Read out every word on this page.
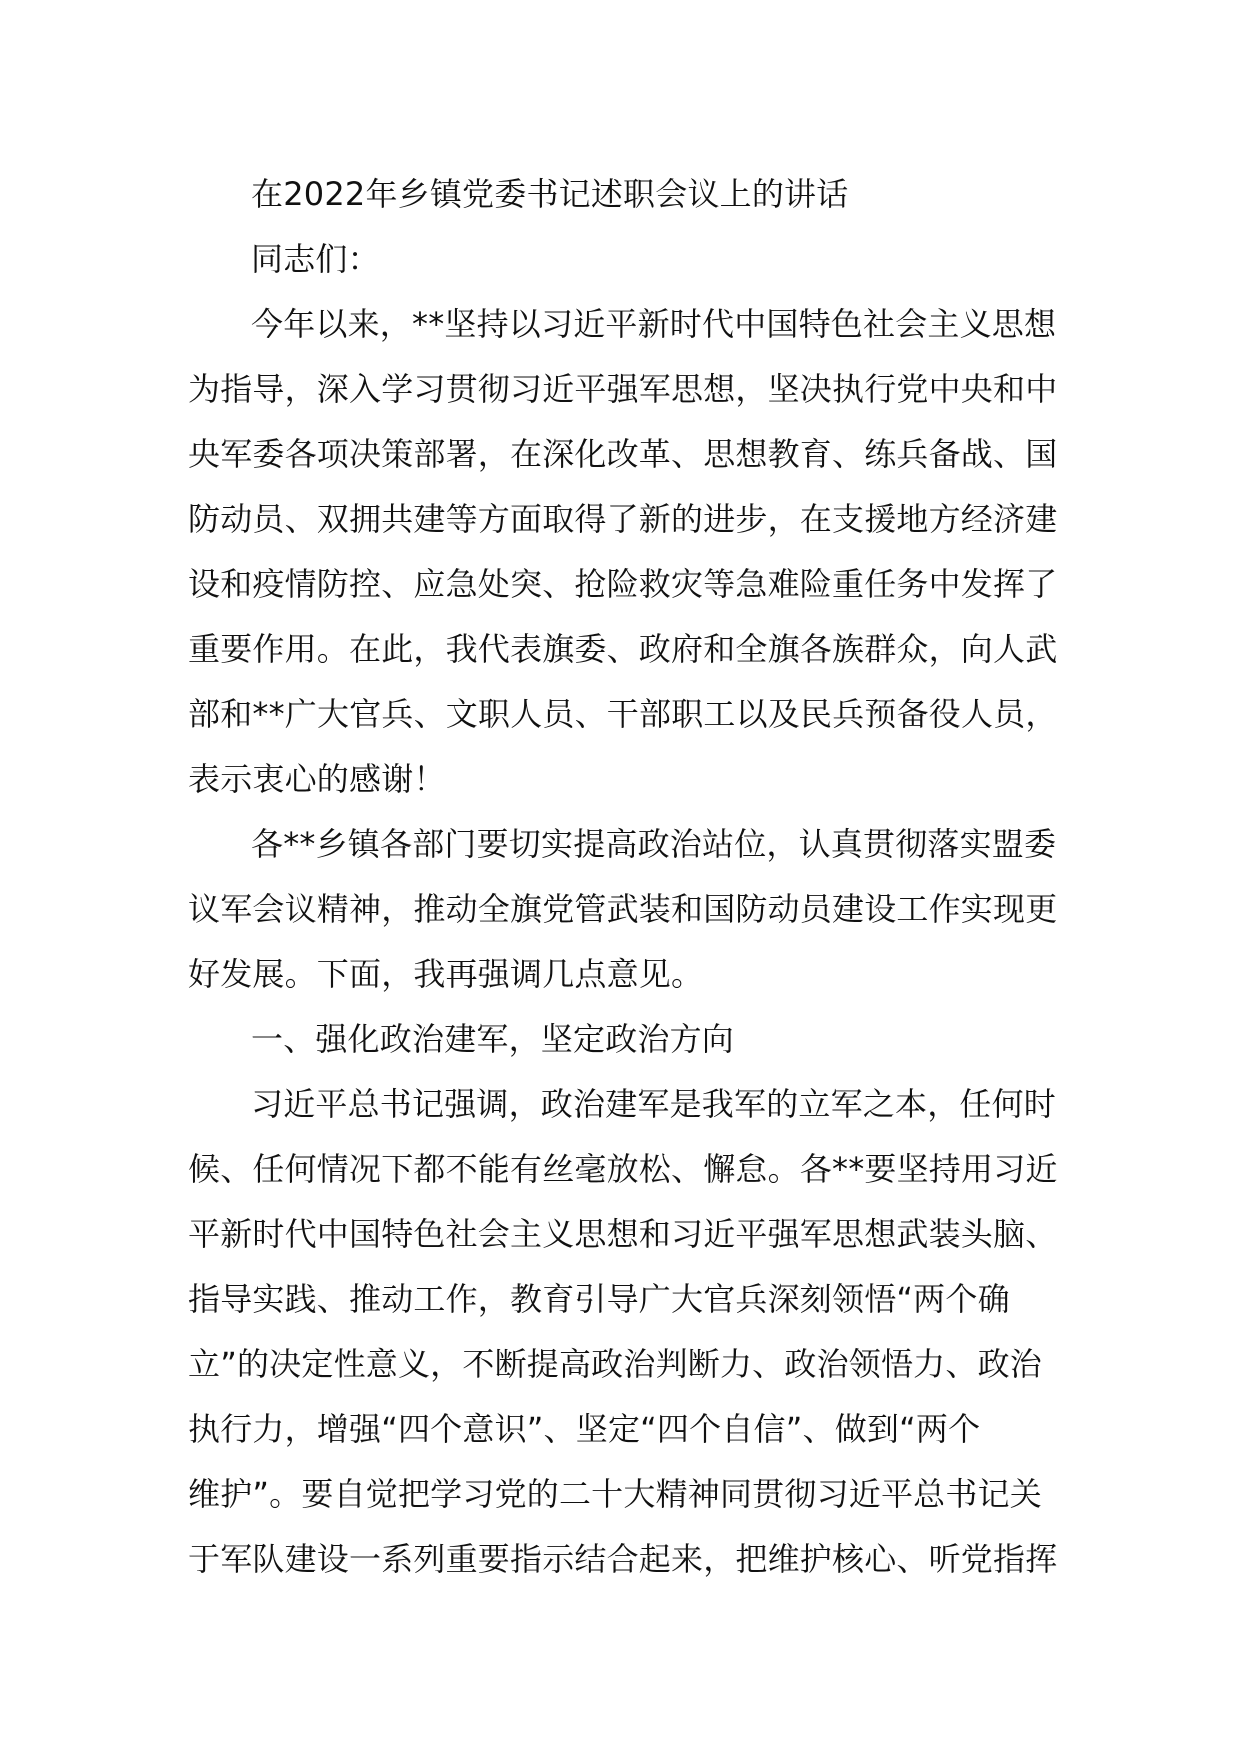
在2022年乡镇党委书记述职会议上的讲话

同志们：

今年以来，**坚持以习近平新时代中国特色社会主义思想

为指导，深入学习贯彻习近平强军思想，坚决执行党中央和中

央军委各项决策部署，在深化改革、思想教育、练兵备战、国

防动员、双拥共建等方面取得了新的进步，在支援地方经济建

设和疫情防控、应急处突、抢险救灾等急难险重任务中发挥了

重要作用。在此，我代表旗委、政府和全旗各族群众，向人武

部和**广大官兵、文职人员、干部职工以及民兵预备役人员，

表示衷心的感谢！

各**乡镇各部门要切实提高政治站位，认真贯彻落实盟委

议军会议精神，推动全旗党管武装和国防动员建设工作实现更

好发展。下面，我再强调几点意见。

一、强化政治建军，坚定政治方向

习近平总书记强调，政治建军是我军的立军之本，任何时

候、任何情况下都不能有丝毫放松、懈怠。各**要坚持用习近

平新时代中国特色社会主义思想和习近平强军思想武装头脑、

指导实践、推动工作，教育引导广大官兵深刻领悟“两个确

立”的决定性意义，不断提高政治判断力、政治领悟力、政治

执行力，增强“四个意识”、坚定“四个自信”、做到“两个

维护”。要自觉把学习党的二十大精神同贯彻习近平总书记关

于军队建设一系列重要指示结合起来，把维护核心、听党指挥
